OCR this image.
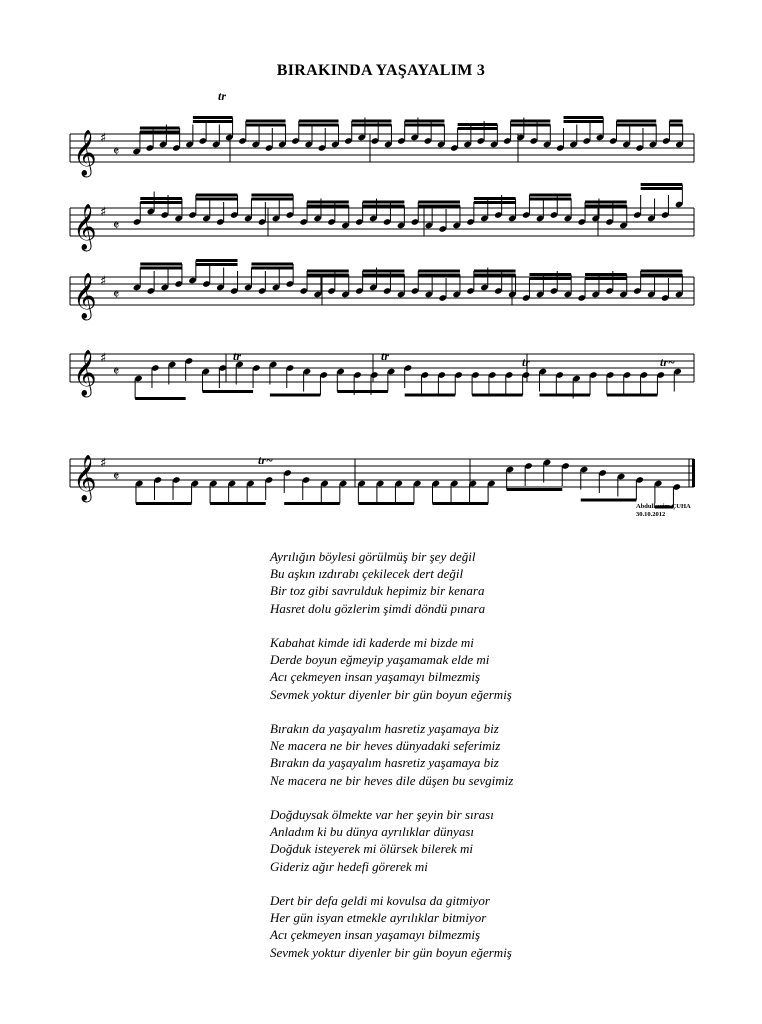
BIRAKINDA YAŞAYALIM 3
𝄞 ♯
𝄵
𝄞 ♯
𝄵
𝄞 ♯
𝄵
𝄞 ♯
𝄵
𝄞 ♯
𝄵
tr
tr	tr	tr	tr~
tr~
Abdulkerim ÇUHA
30.10.2012
Ayrılığın böylesi görülmüş bir şey değil
Bu aşkın ızdırabı çekilecek dert değil
Bir toz gibi savrulduk hepimiz bir kenara
Hasret dolu gözlerim şimdi döndü pınara
Kabahat kimde idi kaderde mi bizde mi
Derde boyun eğmeyip yaşamamak elde mi
Acı çekmeyen insan yaşamayı bilmezmiş
Sevmek yoktur diyenler bir gün boyun eğermiş
Bırakın da yaşayalım hasretiz yaşamaya biz
Ne macera ne bir heves dünyadaki seferimiz
Bırakın da yaşayalım hasretiz yaşamaya biz
Ne macera ne bir heves dile düşen bu sevgimiz
Doğduysak ölmekte var her şeyin bir sırası
Anladım ki bu dünya ayrılıklar dünyası
Doğduk isteyerek mi ölürsek bilerek mi
Gideriz ağır hedefi görerek mi
Dert bir defa geldi mi kovulsa da gitmiyor
Her gün isyan etmekle ayrılıklar bitmiyor
Acı çekmeyen insan yaşamayı bilmezmiş
Sevmek yoktur diyenler bir gün boyun eğermiş
